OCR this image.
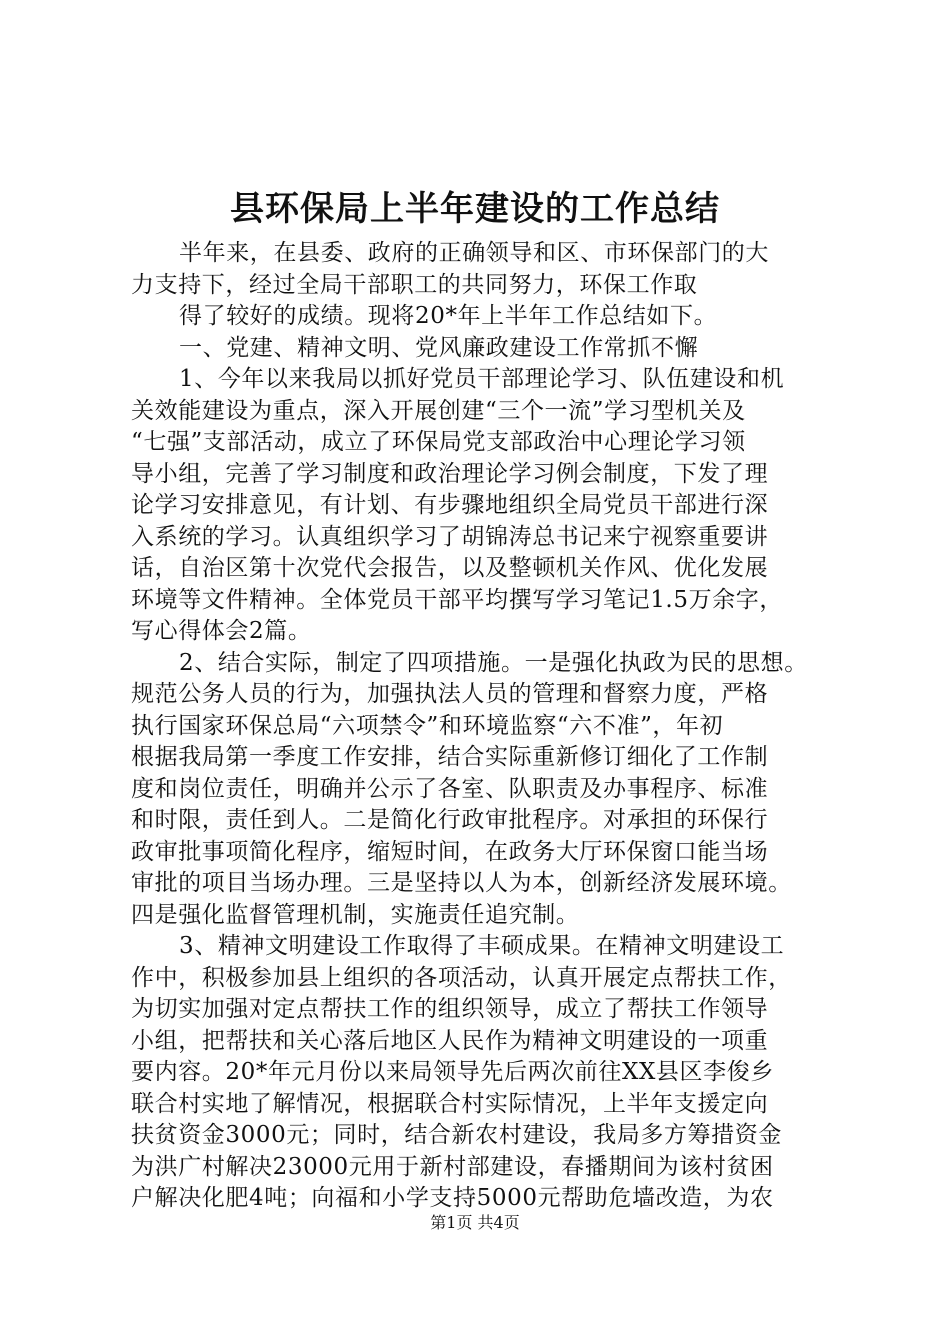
县环保局上半年建设的工作总结
半年来，在县委、政府的正确领导和区、市环保部门的大
力支持下，经过全局干部职工的共同努力，环保工作取
得了较好的成绩。现将20*年上半年工作总结如下。
一、党建、精神文明、党风廉政建设工作常抓不懈
1、今年以来我局以抓好党员干部理论学习、队伍建设和机
关效能建设为重点，深入开展创建“三个一流”学习型机关及
“七强”支部活动，成立了环保局党支部政治中心理论学习领
导小组，完善了学习制度和政治理论学习例会制度，下发了理
论学习安排意见，有计划、有步骤地组织全局党员干部进行深
入系统的学习。认真组织学习了胡锦涛总书记来宁视察重要讲
话，自治区第十次党代会报告，以及整顿机关作风、优化发展
环境等文件精神。全体党员干部平均撰写学习笔记1.5万余字，
写心得体会2篇。
2、结合实际，制定了四项措施。一是强化执政为民的思想。
规范公务人员的行为，加强执法人员的管理和督察力度，严格
执行国家环保总局“六项禁令”和环境监察“六不准”，年初
根据我局第一季度工作安排，结合实际重新修订细化了工作制
度和岗位责任，明确并公示了各室、队职责及办事程序、标准
和时限，责任到人。二是简化行政审批程序。对承担的环保行
政审批事项简化程序，缩短时间，在政务大厅环保窗口能当场
审批的项目当场办理。三是坚持以人为本，创新经济发展环境。
四是强化监督管理机制，实施责任追究制。
3、精神文明建设工作取得了丰硕成果。在精神文明建设工
作中，积极参加县上组织的各项活动，认真开展定点帮扶工作，
为切实加强对定点帮扶工作的组织领导，成立了帮扶工作领导
小组，把帮扶和关心落后地区人民作为精神文明建设的一项重
要内容。20*年元月份以来局领导先后两次前往XX县区李俊乡
联合村实地了解情况，根据联合村实际情况，上半年支援定向
扶贫资金3000元；同时，结合新农村建设，我局多方筹措资金
为洪广村解决23000元用于新村部建设，春播期间为该村贫困
户解决化肥4吨；向福和小学支持5000元帮助危墙改造，为农
第1页 共4页
